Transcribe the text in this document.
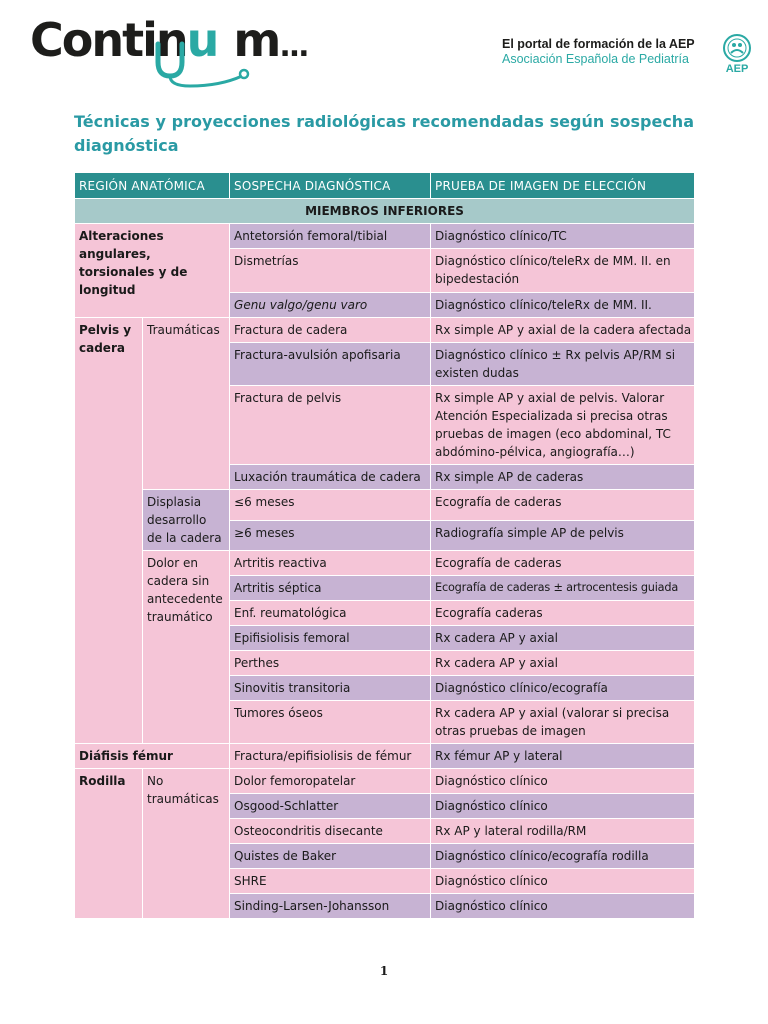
Continu m...	El portal de formación de la AEP
Asociación Española de Pediatría
AEP
Técnicas y proyecciones radiológicas recomendadas según sospecha diagnóstica
REGIÓN ANATÓMICA		SOSPECHA DIAGNÓSTICA	PRUEBA DE IMAGEN DE ELECCIÓN
MIEMBROS INFERIORES			
Alteraciones angulares, torsionales y de longitud		Antetorsión femoral/tibial	Diagnóstico clínico/TC
		Dismetrías	Diagnóstico clínico/teleRx de MM. II. en bipedestación
		Genu valgo/genu varo	Diagnóstico clínico/teleRx de MM. II.
Pelvis y cadera	Traumáticas	Fractura de cadera	Rx simple AP y axial de la cadera afectada
		Fractura-avulsión apofisaria	Diagnóstico clínico ± Rx pelvis AP/RM si existen dudas
		Fractura de pelvis	Rx simple AP y axial de pelvis. Valorar Atención Especializada si precisa otras pruebas de imagen (eco abdominal, TC abdómino-pélvica, angiografía…)
		Luxación traumática de cadera	Rx simple AP de caderas
	Displasia desarrollo de la cadera	≤6 meses	Ecografía de caderas
		≥6 meses	Radiografía simple AP de pelvis
	Dolor en cadera sin antecedente traumático	Artritis reactiva	Ecografía de caderas
		Artritis séptica	Ecografía de caderas ± artrocentesis guiada
		Enf. reumatológica	Ecografía caderas
		Epifisiolisis femoral	Rx cadera AP y axial
		Perthes	Rx cadera AP y axial
		Sinovitis transitoria	Diagnóstico clínico/ecografía
		Tumores óseos	Rx cadera AP y axial (valorar si precisa otras pruebas de imagen
Diáfisis fémur		Fractura/epifisiolisis de fémur	Rx fémur AP y lateral
Rodilla	No traumáticas	Dolor femoropatelar	Diagnóstico clínico
		Osgood-Schlatter	Diagnóstico clínico
		Osteocondritis disecante	Rx AP y lateral rodilla/RM
		Quistes de Baker	Diagnóstico clínico/ecografía rodilla
		SHRE	Diagnóstico clínico
		Sinding-Larsen-Johansson	Diagnóstico clínico
1
